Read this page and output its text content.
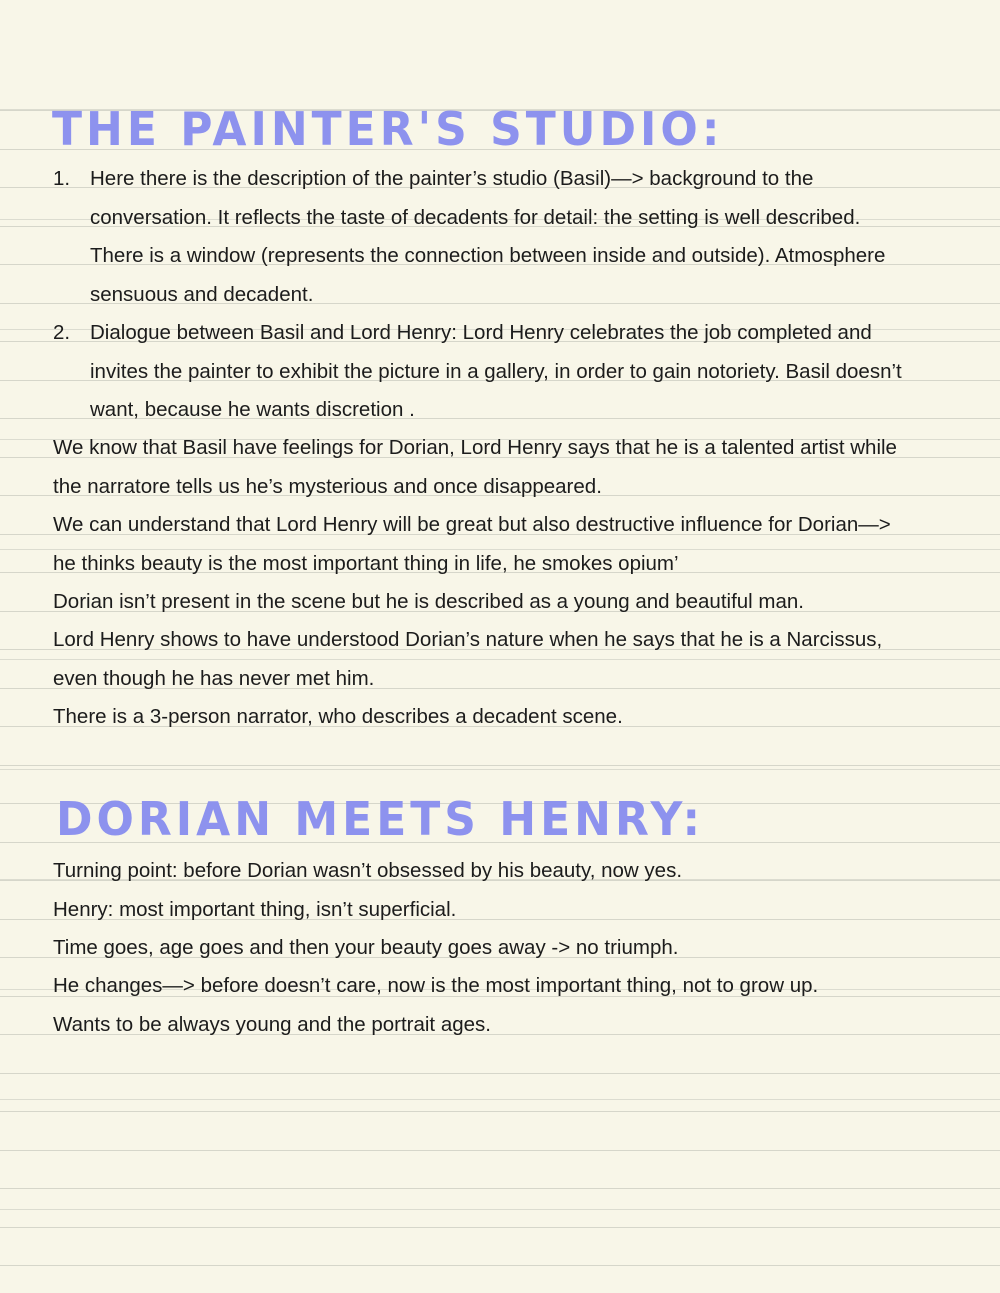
THE PAINTER'S STUDIO:
1. Here there is the description of the painter’s studio (Basil)—> background to the
conversation. It reflects the taste of decadents for detail: the setting is well described.
There is a window (represents the connection between inside and outside). Atmosphere
sensuous and decadent.
2. Dialogue between Basil and Lord Henry: Lord Henry celebrates the job completed and
invites the painter to exhibit the picture in a gallery, in order to gain notoriety. Basil doesn’t
want, because he wants discretion .
We know that Basil have feelings for Dorian, Lord Henry says that he is a talented artist while
the narratore tells us he’s mysterious and once disappeared.
We can understand that Lord Henry will be great but also destructive influence for Dorian—>
he thinks beauty is the most important thing in life, he smokes opium’
Dorian isn’t present in the scene but he is described as a young and beautiful man.
Lord Henry shows to have understood Dorian’s nature when he says that he is a Narcissus,
even though he has never met him.
There is a 3-person narrator, who describes a decadent scene.
DORIAN MEETS HENRY:
Turning point: before Dorian wasn’t obsessed by his beauty, now yes.
Henry: most important thing, isn’t superficial.
Time goes, age goes and then your beauty goes away -> no triumph.
He changes—> before doesn’t care, now is the most important thing, not to grow up.
Wants to be always young and the portrait ages.
